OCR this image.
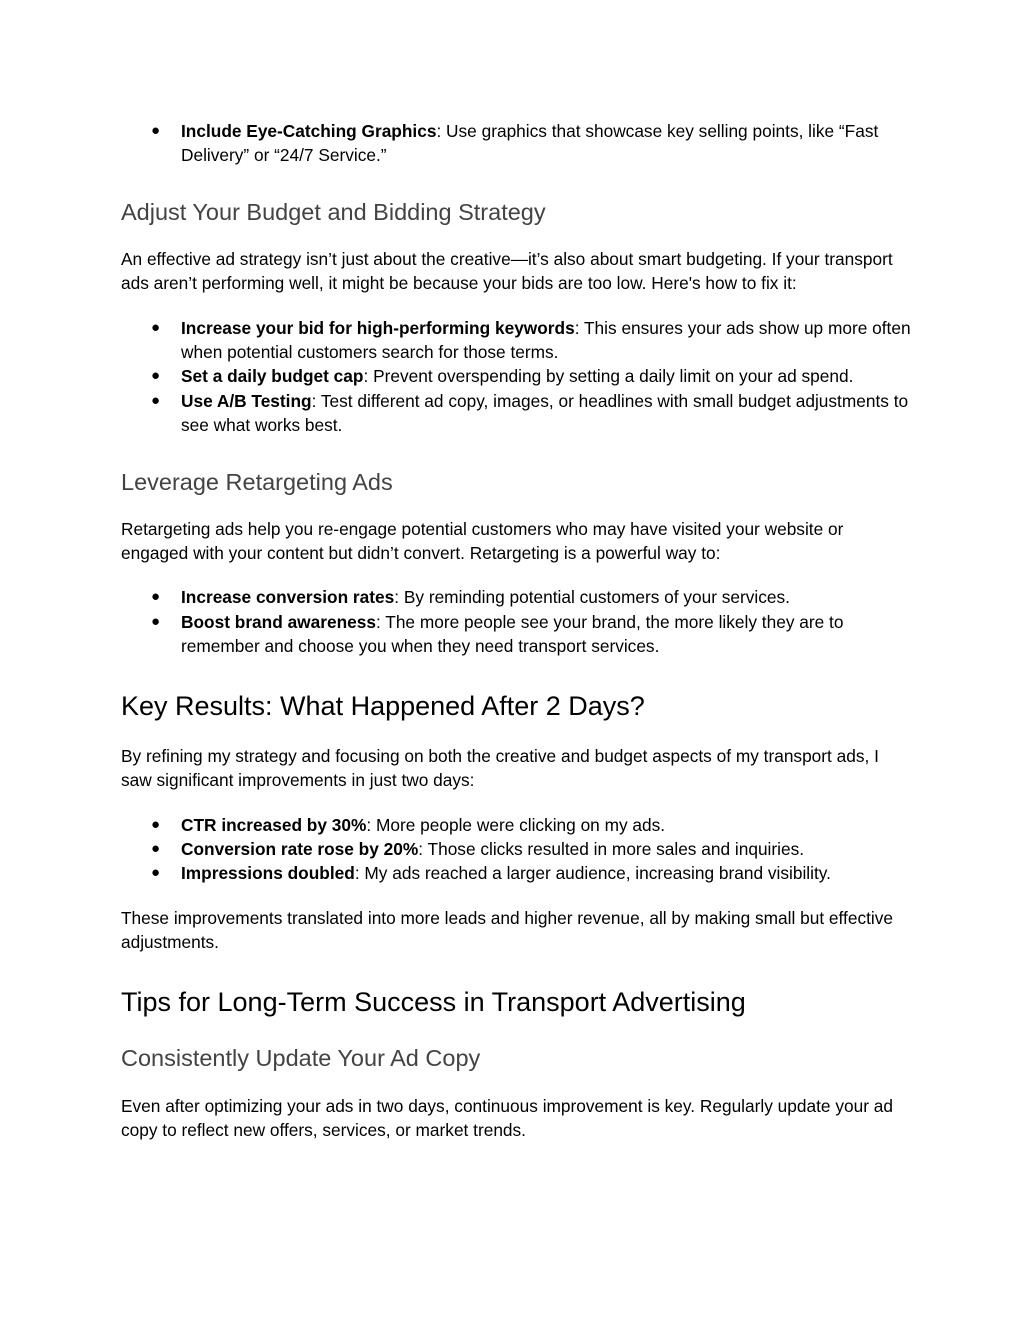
● Include Eye-Catching Graphics: Use graphics that showcase key selling points, like “Fast Delivery” or “24/7 Service.”
Adjust Your Budget and Bidding Strategy

An effective ad strategy isn’t just about the creative—it’s also about smart budgeting. If your transport ads aren’t performing well, it might be because your bids are too low. Here's how to fix it:

● Increase your bid for high-performing keywords: This ensures your ads show up more often when potential customers search for those terms.
● Set a daily budget cap: Prevent overspending by setting a daily limit on your ad spend.
● Use A/B Testing: Test different ad copy, images, or headlines with small budget adjustments to see what works best.
Leverage Retargeting Ads

Retargeting ads help you re-engage potential customers who may have visited your website or engaged with your content but didn’t convert. Retargeting is a powerful way to:

● Increase conversion rates: By reminding potential customers of your services.
● Boost brand awareness: The more people see your brand, the more likely they are to remember and choose you when they need transport services.
Key Results: What Happened After 2 Days?

By refining my strategy and focusing on both the creative and budget aspects of my transport ads, I saw significant improvements in just two days:

● CTR increased by 30%: More people were clicking on my ads.
● Conversion rate rose by 20%: Those clicks resulted in more sales and inquiries.
● Impressions doubled: My ads reached a larger audience, increasing brand visibility.

These improvements translated into more leads and higher revenue, all by making small but effective adjustments.

Tips for Long-Term Success in Transport Advertising
Consistently Update Your Ad Copy

Even after optimizing your ads in two days, continuous improvement is key. Regularly update your ad copy to reflect new offers, services, or market trends.
